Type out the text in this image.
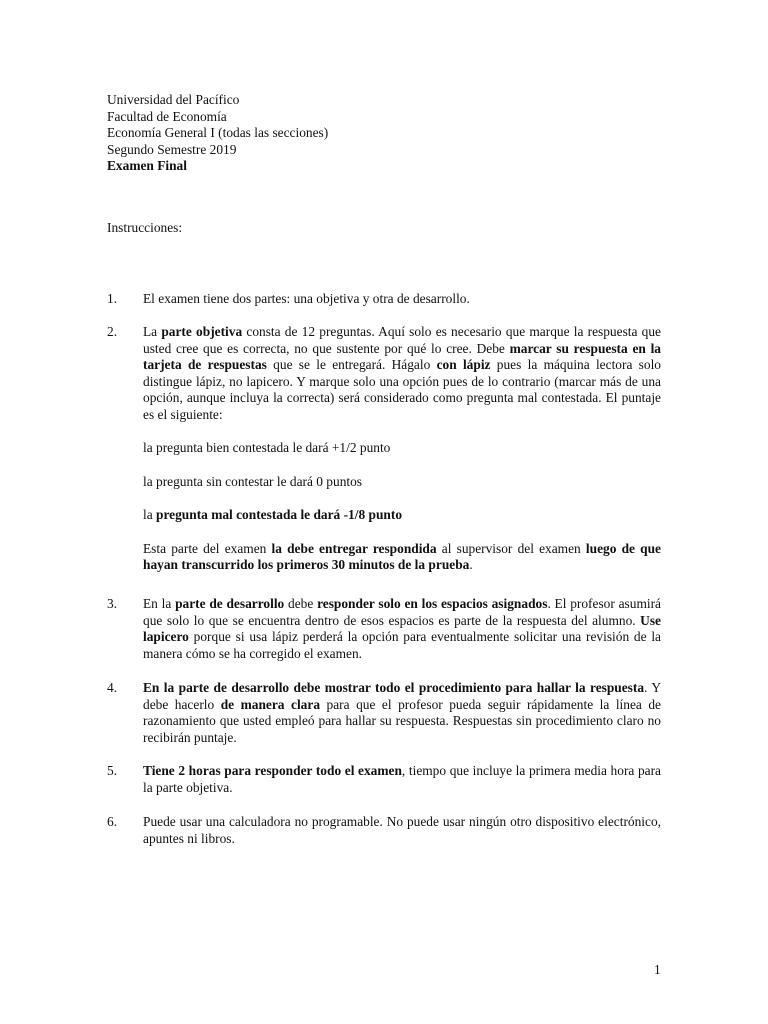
Universidad del Pacífico
Facultad de Economía
Economía General I (todas las secciones)
Segundo Semestre 2019
Examen Final
Instrucciones:
1.	El examen tiene dos partes: una objetiva y otra de desarrollo.
2.	La parte objetiva consta de 12 preguntas. Aquí solo es necesario que marque la respuesta que usted cree que es correcta, no que sustente por qué lo cree. Debe marcar su respuesta en la tarjeta de respuestas que se le entregará. Hágalo con lápiz pues la máquina lectora solo distingue lápiz, no lapicero. Y marque solo una opción pues de lo contrario (marcar más de una opción, aunque incluya la correcta) será considerado como pregunta mal contestada. El puntaje es el siguiente:

la pregunta bien contestada le dará +1/2 punto

la pregunta sin contestar le dará 0 puntos

la pregunta mal contestada le dará -1/8 punto

Esta parte del examen la debe entregar respondida al supervisor del examen luego de que hayan transcurrido los primeros 30 minutos de la prueba.

3.	En la parte de desarrollo debe responder solo en los espacios asignados. El profesor asumirá que solo lo que se encuentra dentro de esos espacios es parte de la respuesta del alumno. Use lapicero porque si usa lápiz perderá la opción para eventualmente solicitar una revisión de la manera cómo se ha corregido el examen.
4.	En la parte de desarrollo debe mostrar todo el procedimiento para hallar la respuesta. Y debe hacerlo de manera clara para que el profesor pueda seguir rápidamente la línea de razonamiento que usted empleó para hallar su respuesta. Respuestas sin procedimiento claro no recibirán puntaje.
5.	Tiene 2 horas para responder todo el examen, tiempo que incluye la primera media hora para la parte objetiva.
6.	Puede usar una calculadora no programable. No puede usar ningún otro dispositivo electrónico, apuntes ni libros.
1
